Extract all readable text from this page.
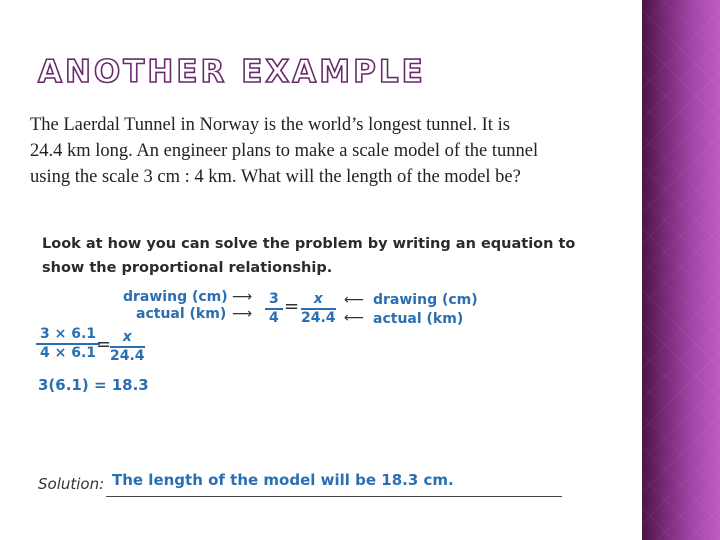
ANOTHER EXAMPLE
The Laerdal Tunnel in Norway is the world’s longest tunnel. It is
24.4 km long. An engineer plans to make a scale model of the tunnel
using the scale 3 cm : 4 km. What will the length of the model be?
Look at how you can solve the problem by writing an equation to
show the proportional relationship.
drawing (cm)
actual (km)
⟶
⟶ $\frac{3}{4} = \frac{x}{24.4}$ ⟵
⟵
drawing (cm)
actual (km)
$\frac{3 \times 6.1}{4 \times 6.1}$
=
$\frac{x}{24.4}$
3(6.1) = 18.3
Solution: The length of the model will be 18.3 cm.
